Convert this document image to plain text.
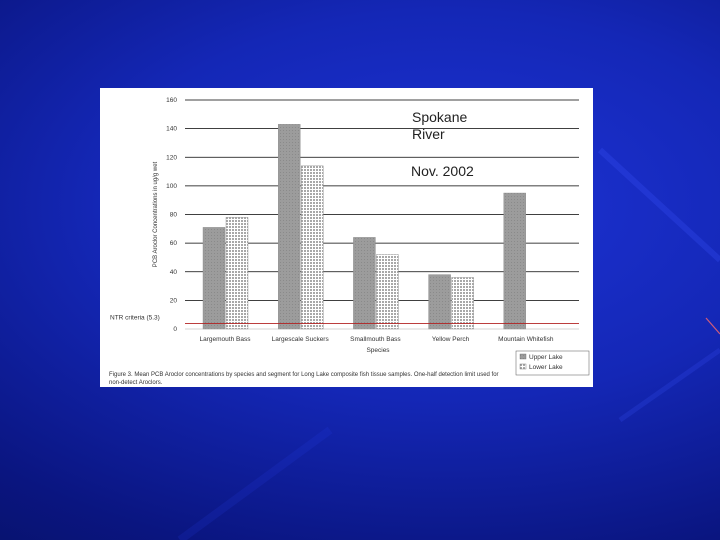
0
20
40
60
80
100
120
140
160
PCB Aroclor Concentrations in ug/g wet
Largemouth Bass	Largescale Suckers	Smallmouth Bass	Yellow Perch	Mountain Whitefish
NTR criteria (5.3)
Species
Upper Lake
Lower Lake
Spokane
River
Nov. 2002
Figure 3. Mean PCB Aroclor concentrations by species and segment for Long Lake composite fish tissue samples. One-half detection limit used for non-detect Aroclors.
